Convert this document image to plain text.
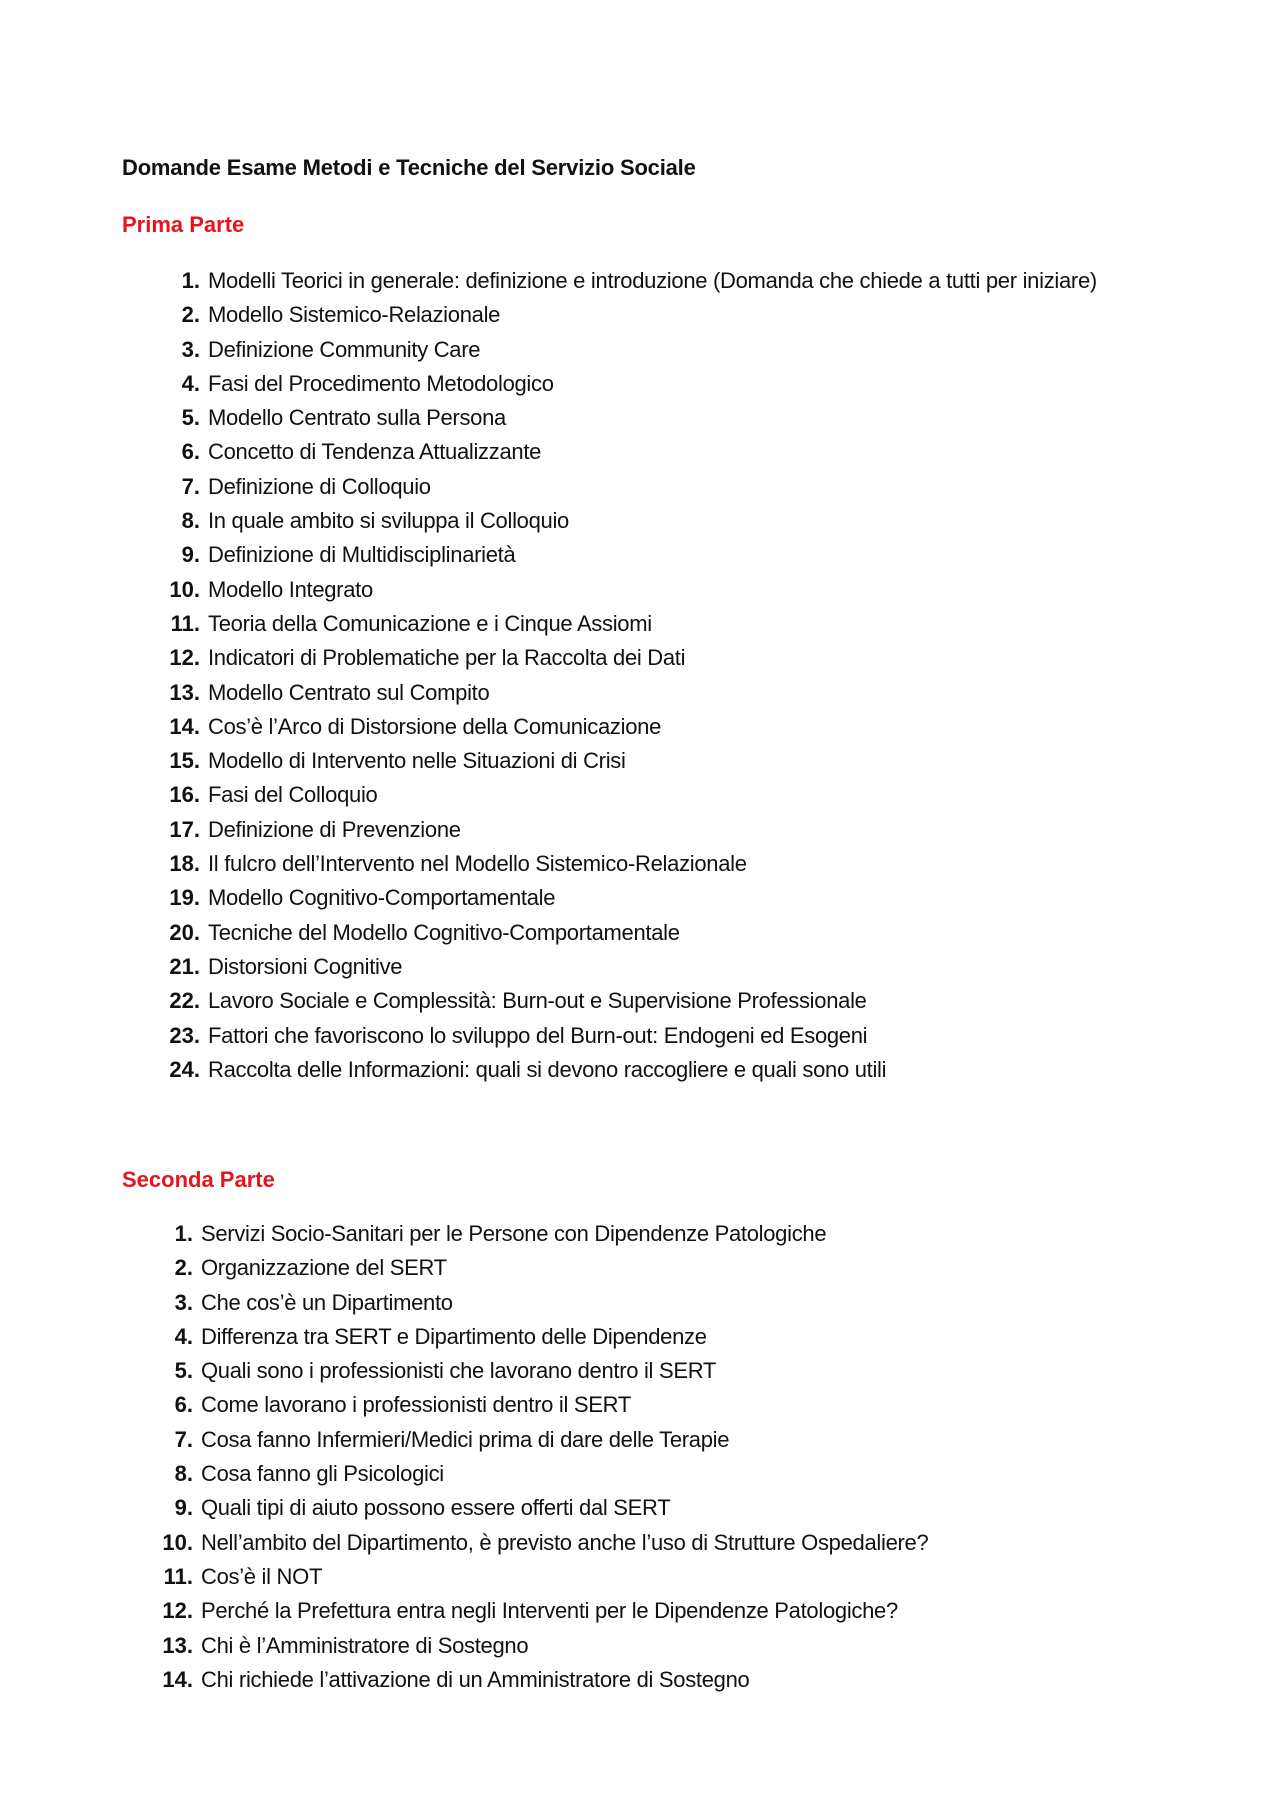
Domande Esame Metodi e Tecniche del Servizio Sociale
Prima Parte
1. Modelli Teorici in generale: definizione e introduzione (Domanda che chiede a tutti per iniziare)
2. Modello Sistemico-Relazionale
3. Definizione Community Care
4. Fasi del Procedimento Metodologico
5. Modello Centrato sulla Persona
6. Concetto di Tendenza Attualizzante
7. Definizione di Colloquio
8. In quale ambito si sviluppa il Colloquio
9. Definizione di Multidisciplinarietà
10. Modello Integrato
11. Teoria della Comunicazione e i Cinque Assiomi
12. Indicatori di Problematiche per la Raccolta dei Dati
13. Modello Centrato sul Compito
14. Cos’è l’Arco di Distorsione della Comunicazione
15. Modello di Intervento nelle Situazioni di Crisi
16. Fasi del Colloquio
17. Definizione di Prevenzione
18. Il fulcro dell’Intervento nel Modello Sistemico-Relazionale
19. Modello Cognitivo-Comportamentale
20. Tecniche del Modello Cognitivo-Comportamentale
21. Distorsioni Cognitive
22. Lavoro Sociale e Complessità: Burn-out e Supervisione Professionale
23. Fattori che favoriscono lo sviluppo del Burn-out: Endogeni ed Esogeni
24. Raccolta delle Informazioni: quali si devono raccogliere e quali sono utili
Seconda Parte
1. Servizi Socio-Sanitari per le Persone con Dipendenze Patologiche
2. Organizzazione del SERT
3. Che cos’è un Dipartimento
4. Differenza tra SERT e Dipartimento delle Dipendenze
5. Quali sono i professionisti che lavorano dentro il SERT
6. Come lavorano i professionisti dentro il SERT
7. Cosa fanno Infermieri/Medici prima di dare delle Terapie
8. Cosa fanno gli Psicologici
9. Quali tipi di aiuto possono essere offerti dal SERT
10. Nell’ambito del Dipartimento, è previsto anche l’uso di Strutture Ospedaliere?
11. Cos’è il NOT
12. Perché la Prefettura entra negli Interventi per le Dipendenze Patologiche?
13. Chi è l’Amministratore di Sostegno
14. Chi richiede l’attivazione di un Amministratore di Sostegno
